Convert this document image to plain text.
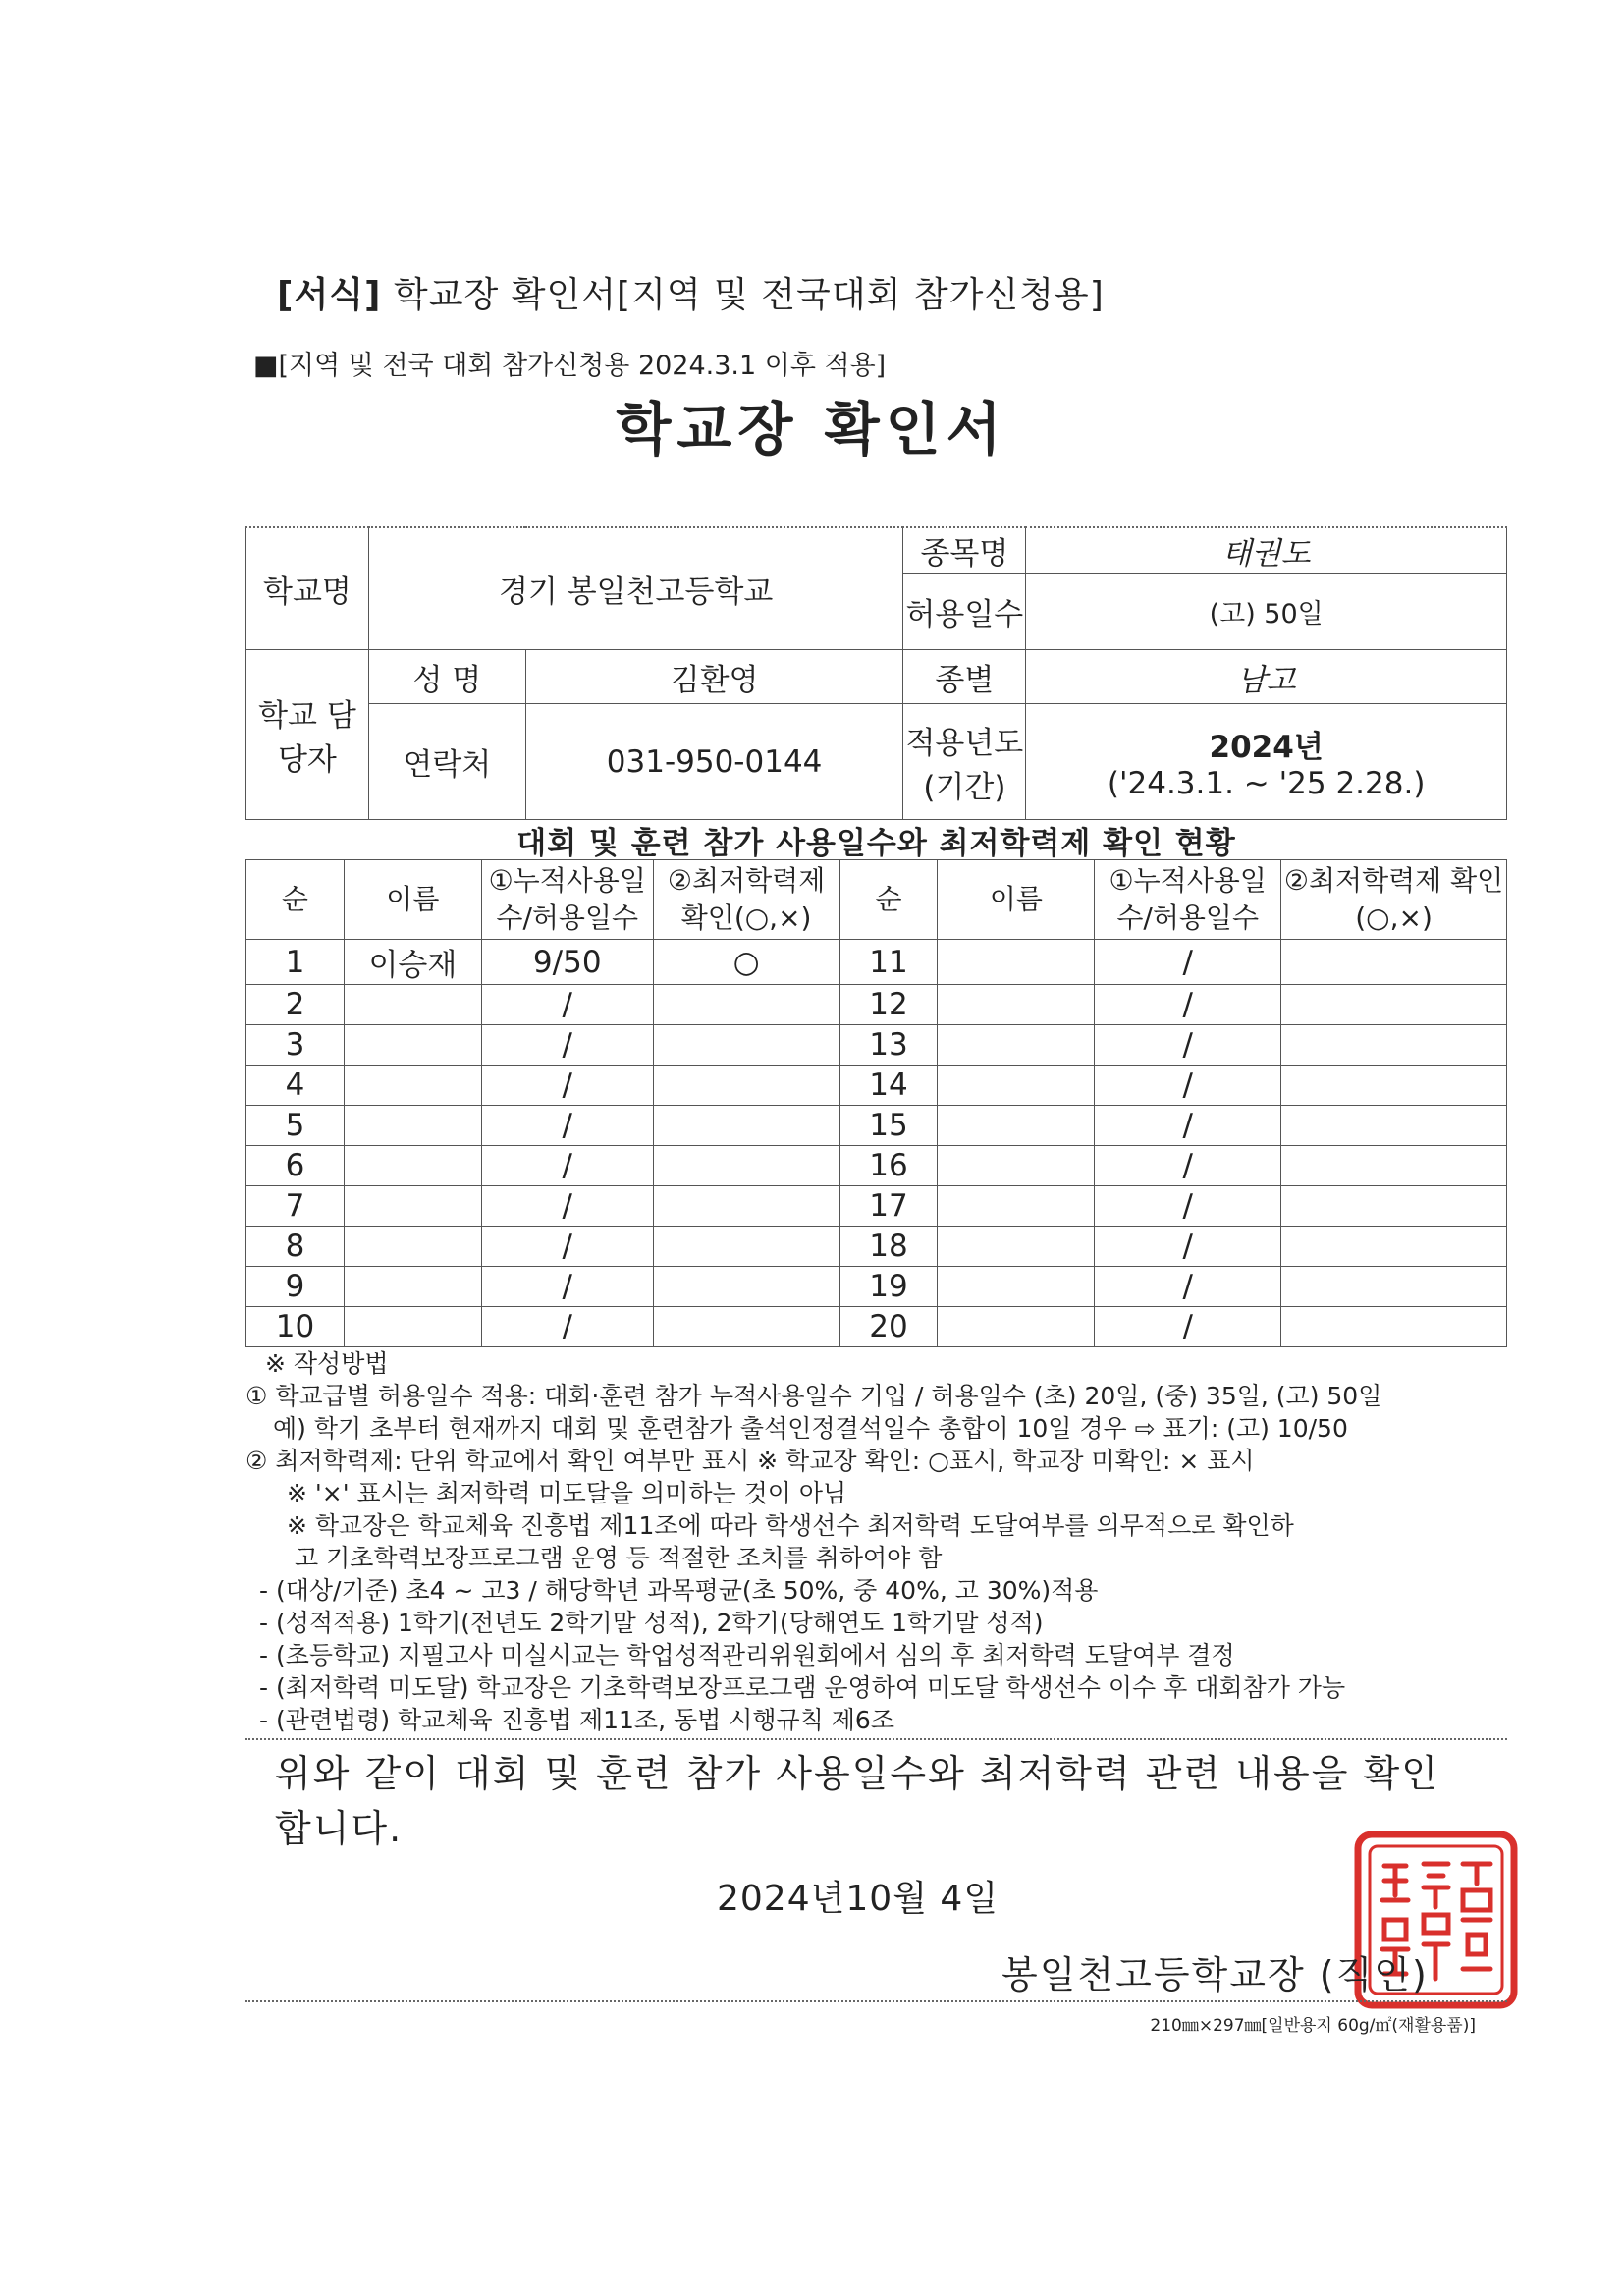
[서식] 학교장 확인서[지역 및 전국대회 참가신청용]
■[지역 및 전국 대회 참가신청용 2024.3.1 이후 적용]
학교장 확인서
학교명	경기 봉일천고등학교		종목명	태권도
			허용일수	(고) 50일
학교 담당자	성 명	김환영	종별	남고
	연락처	031-950-0144	적용년도 (기간)	2024년
('24.3.1. ~ '25 2.28.)
대회 및 훈련 참가 사용일수와 최저학력제 확인 현황
순	이름	①누적사용일수/허용일수	②최저학력제 확인(○,×)	순	이름	①누적사용일수/허용일수	②최저학력제 확인(○,×)
1	이승재	9/50	○	11		/	
2		/		12		/	
3		/		13		/	
4		/		14		/	
5		/		15		/	
6		/		16		/	
7		/		17		/	
8		/		18		/	
9		/		19		/	
10		/		20		/	
※ 작성방법
① 학교급별 허용일수 적용: 대회·훈련 참가 누적사용일수 기입 / 허용일수 (초) 20일, (중) 35일, (고) 50일
예) 학기 초부터 현재까지 대회 및 훈련참가 출석인정결석일수 총합이 10일 경우 ⇨ 표기: (고) 10/50
② 최저학력제: 단위 학교에서 확인 여부만 표시 ※ 학교장 확인: ○표시, 학교장 미확인: × 표시
※ '×' 표시는 최저학력 미도달을 의미하는 것이 아님
※ 학교장은 학교체육 진흥법 제11조에 따라 학생선수 최저학력 도달여부를 의무적으로 확인하
고 기초학력보장프로그램 운영 등 적절한 조치를 취하여야 함
- (대상/기준) 초4 ~ 고3 / 해당학년 과목평균(초 50%, 중 40%, 고 30%)적용
- (성적적용) 1학기(전년도 2학기말 성적), 2학기(당해연도 1학기말 성적)
- (초등학교) 지필고사 미실시교는 학업성적관리위원회에서 심의 후 최저학력 도달여부 결정
- (최저학력 미도달) 학교장은 기초학력보장프로그램 운영하여 미도달 학생선수 이수 후 대회참가 가능
- (관련법령) 학교체육 진흥법 제11조, 동법 시행규칙 제6조
위와 같이 대회 및 훈련 참가 사용일수와 최저학력 관련 내용을 확인
합니다.
2024년10월 4일
봉일천고등학교장 (직인)
210㎜×297㎜[일반용지 60g/㎡(재활용품)]
